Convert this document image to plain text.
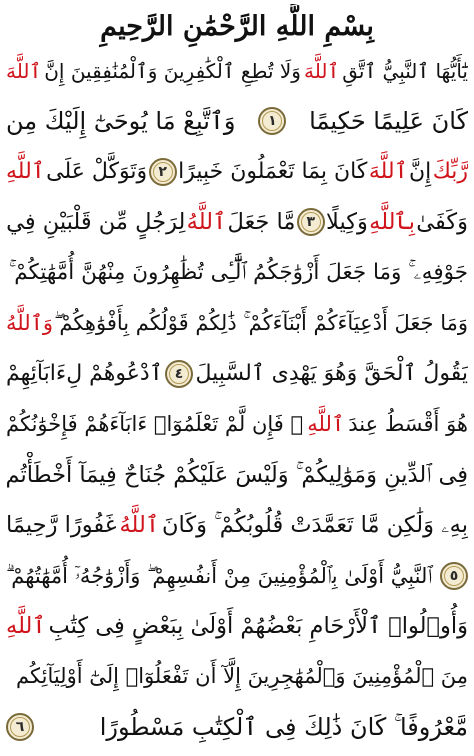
بِسْمِ اللَّهِ الرَّحْمَٰنِ الرَّحِيمِ
يَٰٓأَيُّهَا ٱلنَّبِيُّ ٱتَّقِ
ٱللَّهَ
وَلَا تُطِعِ ٱلْكَٰفِرِينَ وَٱلْمُنَٰفِقِينَ إِنَّ
ٱللَّهَ
كَانَ عَلِيمًا حَكِيمًا
١
وَٱتَّبِعْ مَا يُوحَىٰٓ إِلَيْكَ مِن
رَّبِّكَ
إِنَّ
ٱللَّهَ
كَانَ بِمَا تَعْمَلُونَ خَبِيرًا
٢
وَتَوَكَّلْ عَلَى
ٱللَّهِ
وَكَفَىٰ
بِٱللَّهِ
وَكِيلًا
٣
مَّا جَعَلَ
ٱللَّهُ
لِرَجُلٍ مِّن قَلْبَيْنِ فِي
جَوْفِهِۦ ۚ وَمَا جَعَلَ أَزْوَٰجَكُمُ ٱلَّٰٓـِٔى تُظَٰهِرُونَ مِنْهُنَّ أُمَّهَٰتِكُمْ ۚ
وَمَا جَعَلَ أَدْعِيَآءَكُمْ أَبْنَآءَكُمْ ۚ ذَٰلِكُمْ قَوْلُكُم بِأَفْوَٰهِكُمْ ۖ
وَٱللَّهُ
يَقُولُ ٱلْحَقَّ وَهُوَ يَهْدِى ٱلسَّبِيلَ
٤
ٱدْعُوهُمْ لِءَابَآئِهِمْ
هُوَ أَقْسَطُ عِندَ
ٱللَّهِ
ۚ فَإِن لَّمْ تَعْلَمُوٓا۟ ءَابَآءَهُمْ فَإِخْوَٰنُكُمْ
فِى ٱلدِّينِ وَمَوَٰلِيكُمْ ۚ وَلَيْسَ عَلَيْكُمْ جُنَاحٌ فِيمَآ أَخْطَأْتُم
بِهِۦ وَلَٰكِن مَّا تَعَمَّدَتْ قُلُوبُكُمْ ۚ وَكَانَ
ٱللَّهُ
غَفُورًا رَّحِيمًا
٥
ٱلنَّبِيُّ أَوْلَىٰ بِٱلْمُؤْمِنِينَ مِنْ أَنفُسِهِمْ ۖ وَأَزْوَٰجُهُۥٓ أُمَّهَٰتُهُمْ ۗ
وَأُو۟لُوا۟ ٱلْأَرْحَامِ بَعْضُهُمْ أَوْلَىٰ بِبَعْضٍ فِى كِتَٰبِ
ٱللَّهِ
مِنَ ٱلْمُؤْمِنِينَ وَٱلْمُهَٰجِرِينَ إِلَّآ أَن تَفْعَلُوٓا۟ إِلَىٰٓ أَوْلِيَآئِكُم
مَّعْرُوفًا ۚ كَانَ ذَٰلِكَ فِى ٱلْكِتَٰبِ مَسْطُورًا
٦
